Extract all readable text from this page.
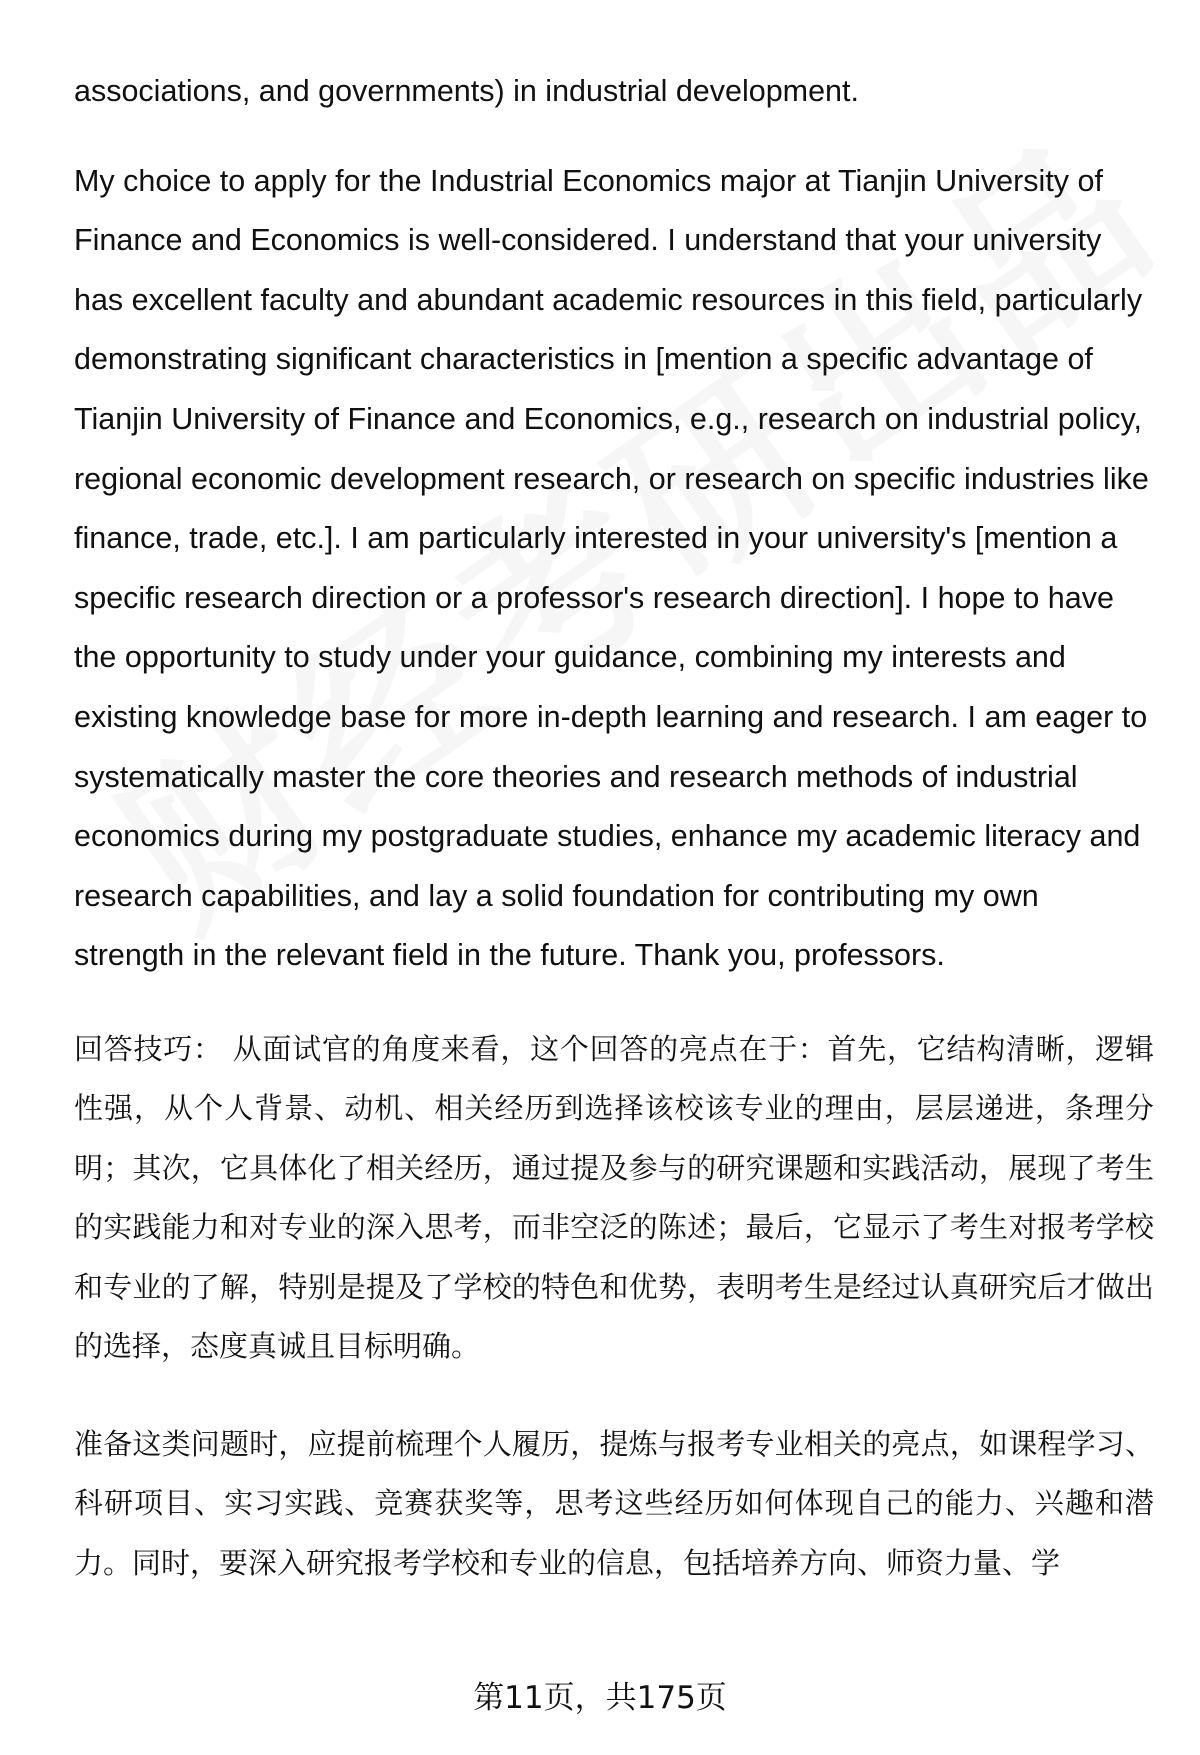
associations, and governments) in industrial development.

My choice to apply for the Industrial Economics major at Tianjin University of Finance and Economics is well-considered. I understand that your university has excellent faculty and abundant academic resources in this field, particularly demonstrating significant characteristics in [mention a specific advantage of Tianjin University of Finance and Economics, e.g., research on industrial policy, regional economic development research, or research on specific industries like finance, trade, etc.]. I am particularly interested in your university's [mention a specific research direction or a professor's research direction]. I hope to have the opportunity to study under your guidance, combining my interests and existing knowledge base for more in-depth learning and research. I am eager to systematically master the core theories and research methods of industrial economics during my postgraduate studies, enhance my academic literacy and research capabilities, and lay a solid foundation for contributing my own strength in the relevant field in the future. Thank you, professors.

回答技巧： 从面试官的角度来看，这个回答的亮点在于：首先，它结构清晰，逻辑性强，从个人背景、动机、相关经历到选择该校该专业的理由，层层递进，条理分明；其次，它具体化了相关经历，通过提及参与的研究课题和实践活动，展现了考生的实践能力和对专业的深入思考，而非空泛的陈述；最后，它显示了考生对报考学校和专业的了解，特别是提及了学校的特色和优势，表明考生是经过认真研究后才做出的选择，态度真诚且目标明确。

准备这类问题时，应提前梳理个人履历，提炼与报考专业相关的亮点，如课程学习、科研项目、实习实践、竞赛获奖等，思考这些经历如何体现自己的能力、兴趣和潜力。同时，要深入研究报考学校和专业的信息，包括培养方向、师资力量、学

第11页，共175页
